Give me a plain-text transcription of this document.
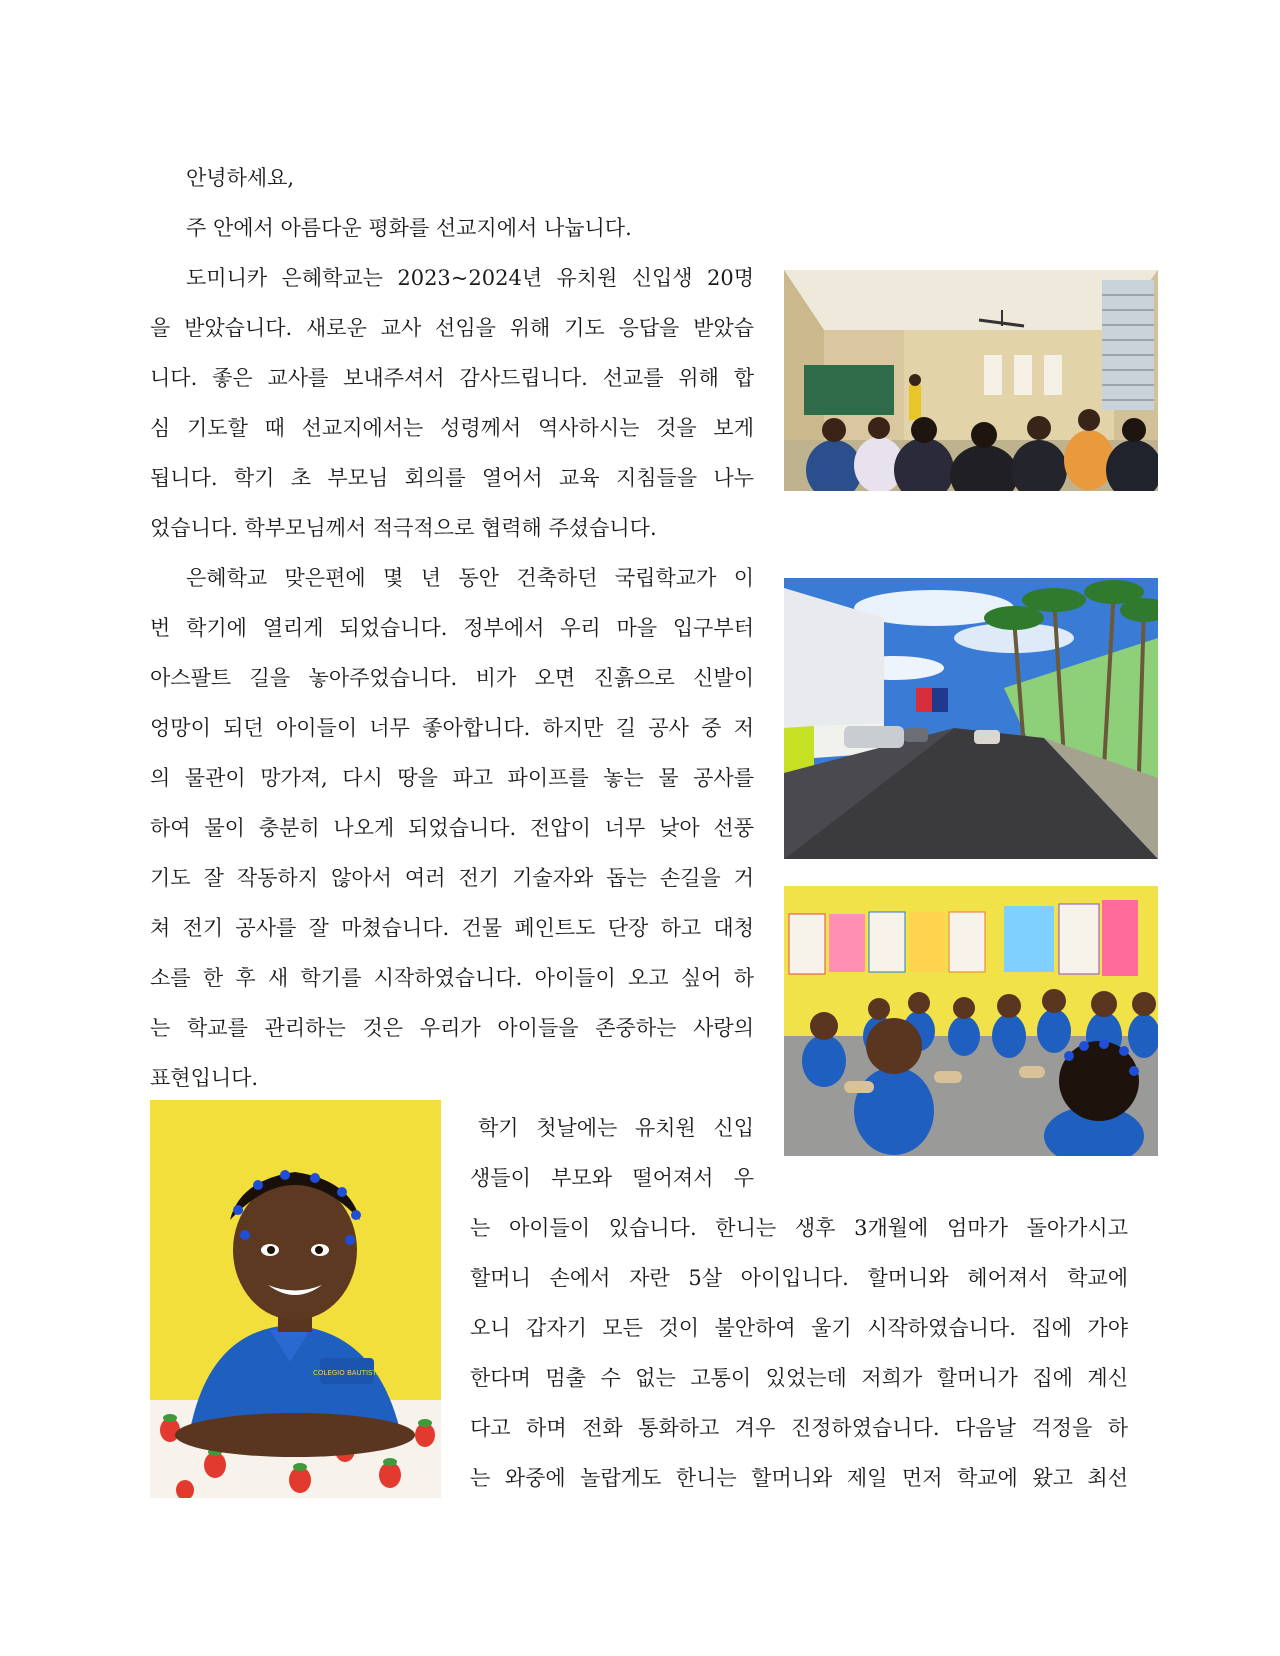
안녕하세요,
주 안에서 아름다운 평화를 선교지에서 나눕니다.
도미니카 은혜학교는 2023~2024년 유치원 신입생 20명
을 받았습니다. 새로운 교사 선임을 위해 기도 응답을 받았습
니다. 좋은 교사를 보내주셔서 감사드립니다. 선교를 위해 합
심 기도할 때 선교지에서는 성령께서 역사하시는 것을 보게
됩니다. 학기 초 부모님 회의를 열어서 교육 지침들을 나누
었습니다. 학부모님께서 적극적으로 협력해 주셨습니다.
은혜학교 맞은편에 몇 년 동안 건축하던 국립학교가 이
번 학기에 열리게 되었습니다. 정부에서 우리 마을 입구부터
아스팔트 길을 놓아주었습니다. 비가 오면 진흙으로 신발이
엉망이 되던 아이들이 너무 좋아합니다. 하지만 길 공사 중 저
의 물관이 망가져, 다시 땅을 파고 파이프를 놓는 물 공사를
하여 물이 충분히 나오게 되었습니다. 전압이 너무 낮아 선풍
기도 잘 작동하지 않아서 여러 전기 기술자와 돕는 손길을 거
쳐 전기 공사를 잘 마쳤습니다. 건물 페인트도 단장 하고 대청
소를 한 후 새 학기를 시작하였습니다. 아이들이 오고 싶어 하
는 학교를 관리하는 것은 우리가 아이들을 존중하는 사랑의
표현입니다.
학기 첫날에는 유치원 신입
생들이 부모와 떨어져서 우
는 아이들이 있습니다. 한니는 생후 3개월에 엄마가 돌아가시고
할머니 손에서 자란 5살 아이입니다. 할머니와 헤어져서 학교에
오니 갑자기 모든 것이 불안하여 울기 시작하였습니다. 집에 가야
한다며 멈출 수 없는 고통이 있었는데 저희가 할머니가 집에 계신
다고 하며 전화 통화하고 겨우 진정하였습니다. 다음날 걱정을 하
는 와중에 놀랍게도 한니는 할머니와 제일 먼저 학교에 왔고 최선
COLEGIO BAUTISTA
